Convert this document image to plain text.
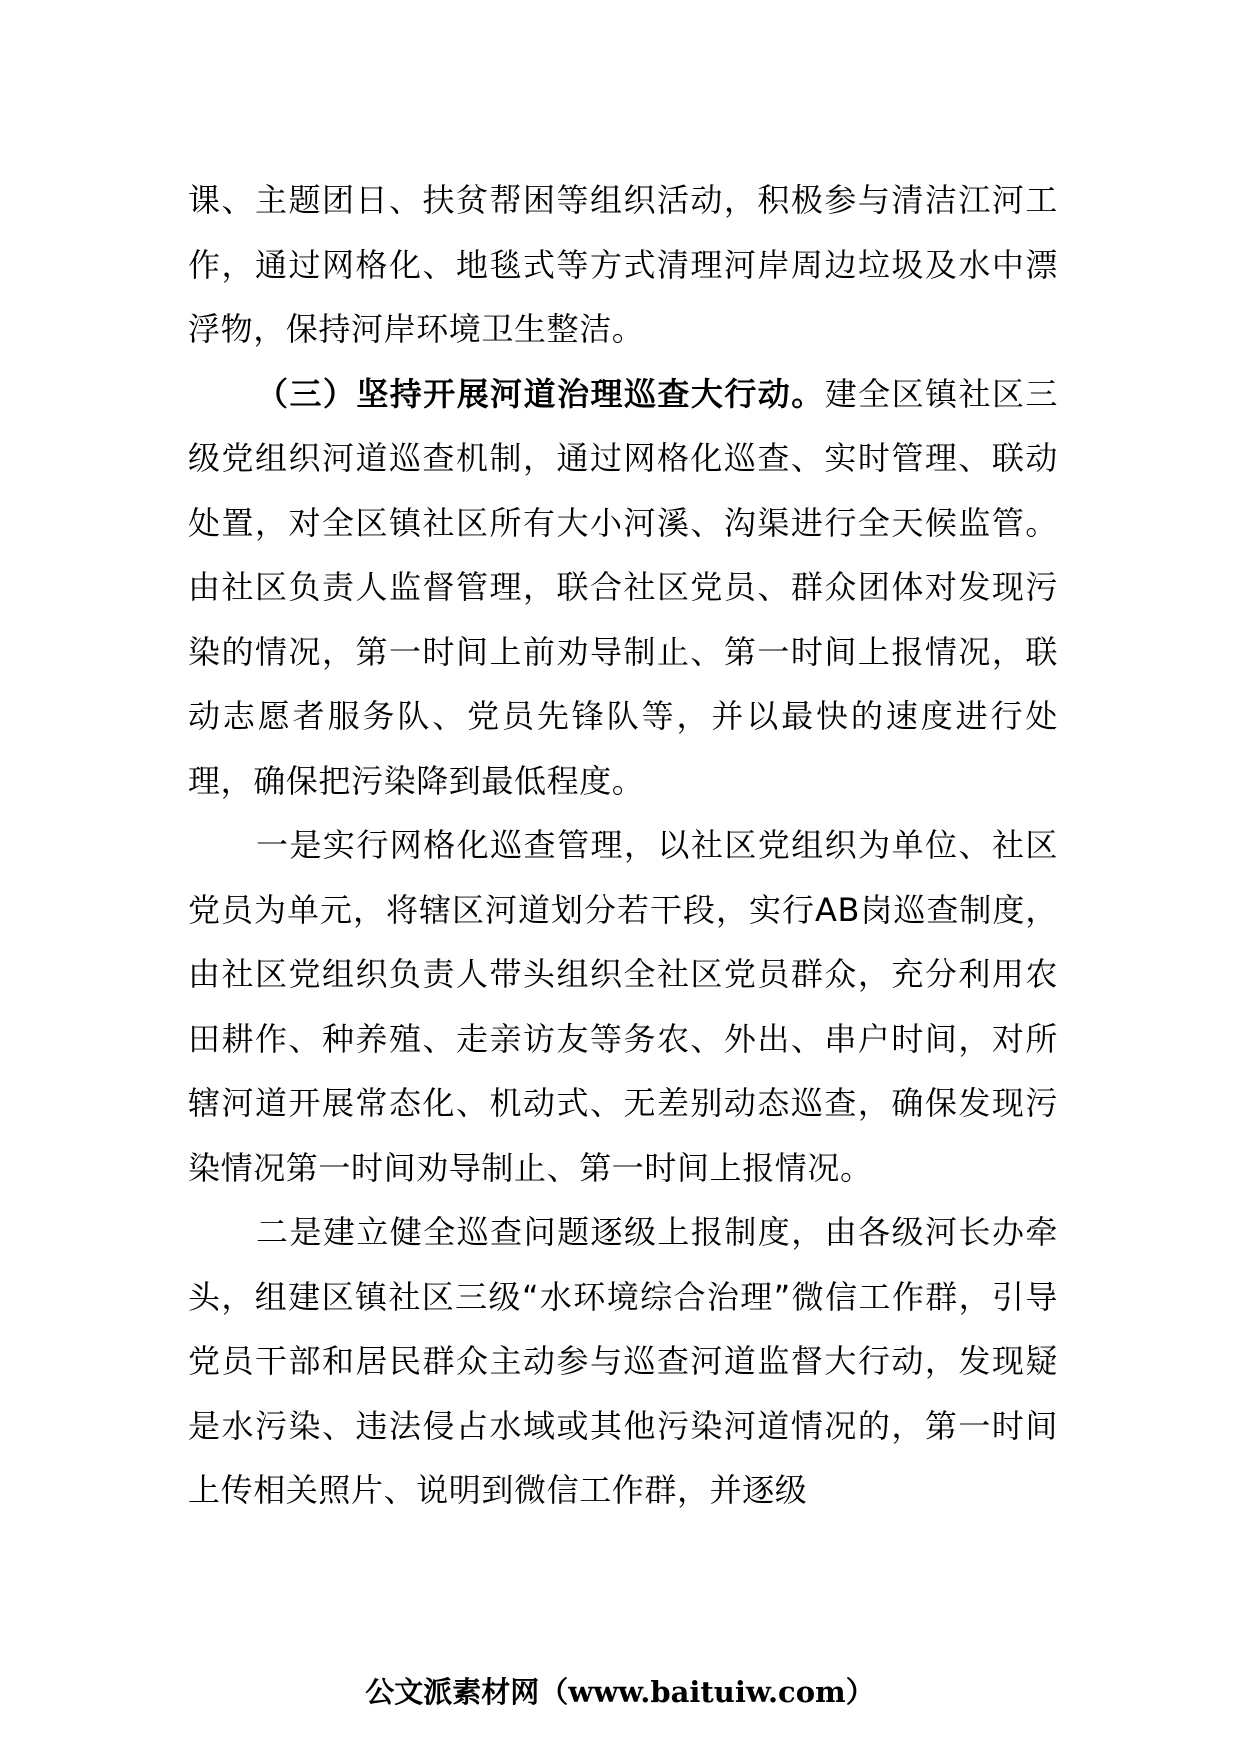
课、主题团日、扶贫帮困等组织活动，积极参与清洁江河工作，通过网格化、地毯式等方式清理河岸周边垃圾及水中漂浮物，保持河岸环境卫生整洁。

（三）坚持开展河道治理巡查大行动。建全区镇社区三级党组织河道巡查机制，通过网格化巡查、实时管理、联动处置，对全区镇社区所有大小河溪、沟渠进行全天候监管。由社区负责人监督管理，联合社区党员、群众团体对发现污染的情况，第一时间上前劝导制止、第一时间上报情况，联动志愿者服务队、党员先锋队等，并以最快的速度进行处理，确保把污染降到最低程度。

一是实行网格化巡查管理，以社区党组织为单位、社区党员为单元，将辖区河道划分若干段，实行AB岗巡查制度，由社区党组织负责人带头组织全社区党员群众，充分利用农田耕作、种养殖、走亲访友等务农、外出、串户时间，对所辖河道开展常态化、机动式、无差别动态巡查，确保发现污染情况第一时间劝导制止、第一时间上报情况。

二是建立健全巡查问题逐级上报制度，由各级河长办牵头，组建区镇社区三级“水环境综合治理”微信工作群，引导党员干部和居民群众主动参与巡查河道监督大行动，发现疑是水污染、违法侵占水域或其他污染河道情况的，第一时间上传相关照片、说明到微信工作群，并逐级

公文派素材网（www.baituiw.com）
